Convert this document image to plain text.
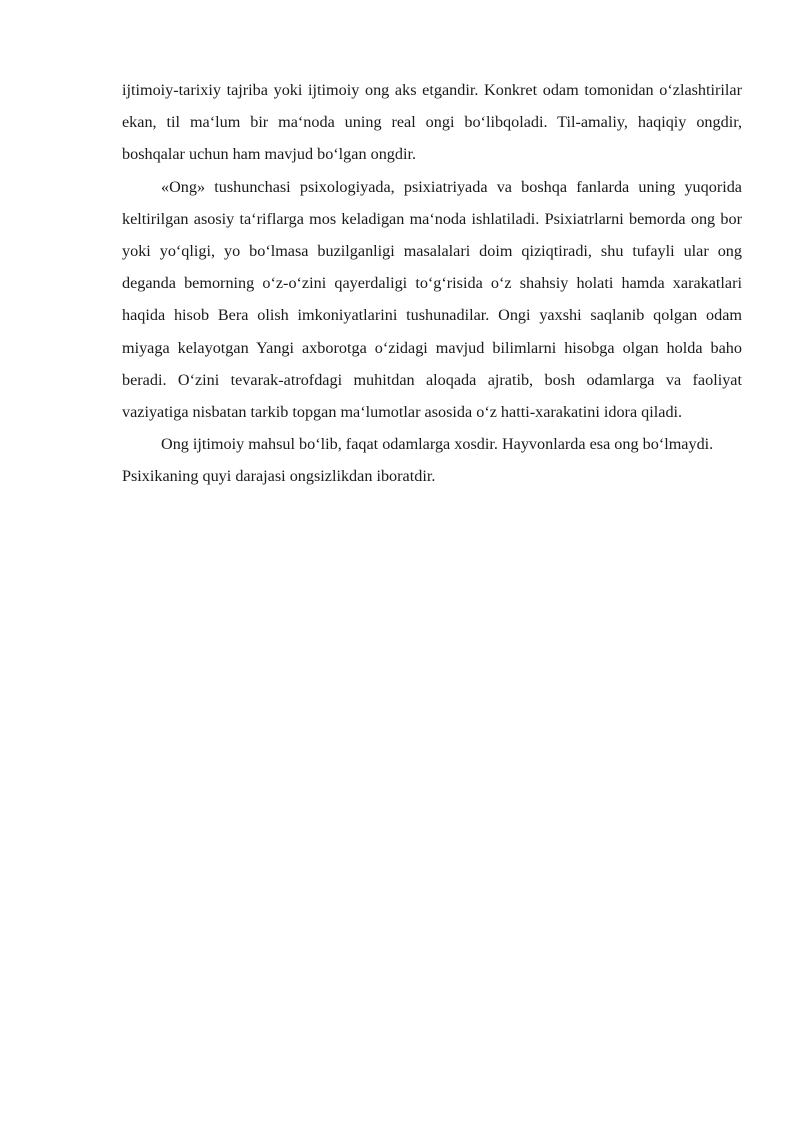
ijtimoiy-tarixiy tajriba yoki ijtimoiy ong aks etgandir. Konkret odam tomonidan o‘zlashtirilar ekan, til ma‘lum bir ma‘noda uning real ongi bo‘libqoladi. Til-amaliy, haqiqiy ongdir, boshqalar uchun ham mavjud bo‘lgan ongdir.

«Ong» tushunchasi psixologiyada, psixiatriyada va boshqa fanlarda uning yuqorida keltirilgan asosiy ta‘riflarga mos keladigan ma‘noda ishlatiladi. Psixiatrlarni bemorda ong bor yoki yo‘qligi, yo bo‘lmasa buzilganligi masalalari doim qiziqtiradi, shu tufayli ular ong deganda bemorning o‘z-o‘zini qayerdaligi to‘g‘risida o‘z shahsiy holati hamda xarakatlari haqida hisob Bera olish imkoniyatlarini tushunadilar. Ongi yaxshi saqlanib qolgan odam miyaga kelayotgan Yangi axborotga o‘zidagi mavjud bilimlarni hisobga olgan holda baho beradi. O‘zini tevarak-atrofdagi muhitdan aloqada ajratib, bosh odamlarga va faoliyat vaziyatiga nisbatan tarkib topgan ma‘lumotlar asosida o‘z hatti-xarakatini idora qiladi.

Ong ijtimoiy mahsul bo‘lib, faqat odamlarga xosdir. Hayvonlarda esa ong bo‘lmaydi.

Psixikaning quyi darajasi ongsizlikdan iboratdir.
